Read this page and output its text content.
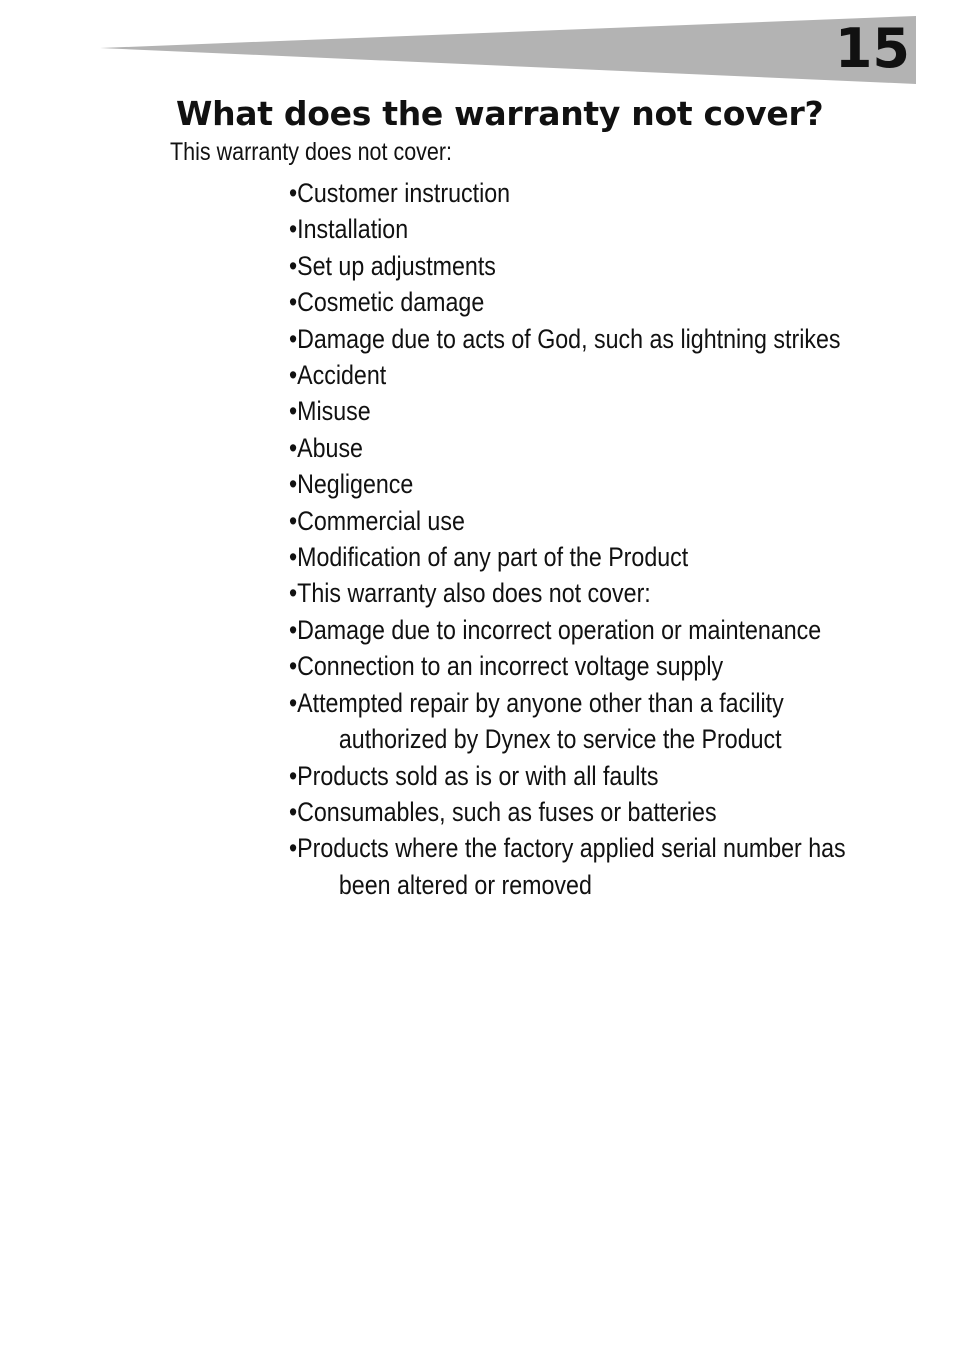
15
What does the warranty not cover?

This warranty does not cover:

•Customer instruction
•Installation
•Set up adjustments
•Cosmetic damage
•Damage due to acts of God, such as lightning strikes
•Accident
•Misuse
•Abuse
•Negligence
•Commercial use
•Modification of any part of the Product
•This warranty also does not cover:
•Damage due to incorrect operation or maintenance
•Connection to an incorrect voltage supply
•Attempted repair by anyone other than a facility
authorized by Dynex to service the Product
•Products sold as is or with all faults
•Consumables, such as fuses or batteries
•Products where the factory applied serial number has
been altered or removed
